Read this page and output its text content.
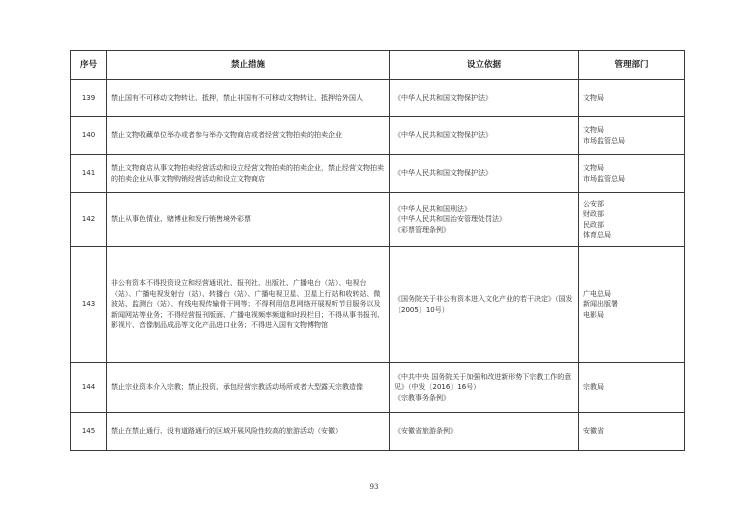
序号	禁止措施	设立依据	管理部门
139	禁止国有不可移动文物转让、抵押，禁止非国有不可移动文物转让、抵押给外国人	《中华人民共和国文物保护法》	文物局

140	禁止文物收藏单位举办或者参与举办文物商店或者经营文物拍卖的拍卖企业	《中华人民共和国文物保护法》	文物局
市场监管总局

141	禁止文物商店从事文物拍卖经营活动和设立经营文物拍卖的拍卖企业，禁止经营文物拍卖的拍卖企业从事文物购销经营活动和设立文物商店	《中华人民共和国文物保护法》	文物局
市场监管总局

142	禁止从事色情业、赌博业和发行销售境外彩票	《中华人民共和国刑法》
《中华人民共和国治安管理处罚法》
《彩票管理条例》	公安部
财政部
民政部
体育总局

143	非公有资本不得投资设立和经营通讯社、报刊社、出版社、广播电台（站）、电视台（站）、广播电视发射台（站）、转播台（站）、广播电视卫星、卫星上行站和收转站、微波站、监测台（站）、有线电视传输骨干网等；不得利用信息网络开展视听节目服务以及新闻网站等业务；不得经营报刊版面、广播电视频率频道和时段栏目；不得从事书报刊、影视片、音像制品成品等文化产品进口业务；不得进入国有文物博物馆	《国务院关于非公有资本进入文化产业的若干决定》（国发〔2005〕10号）	广电总局
新闻出版署
电影局

144	禁止宗业资本介入宗教；禁止投资、承包经营宗教活动场所或者大型露天宗教造像	《中共中央 国务院关于加强和改进新形势下宗教工作的意见》（中发〔2016〕16号）

《宗教事务条例》	宗教局

145	禁止在禁止通行、没有道路通行的区域开展风险性较高的旅游活动（安徽）	《安徽省旅游条例》	安徽省
93
